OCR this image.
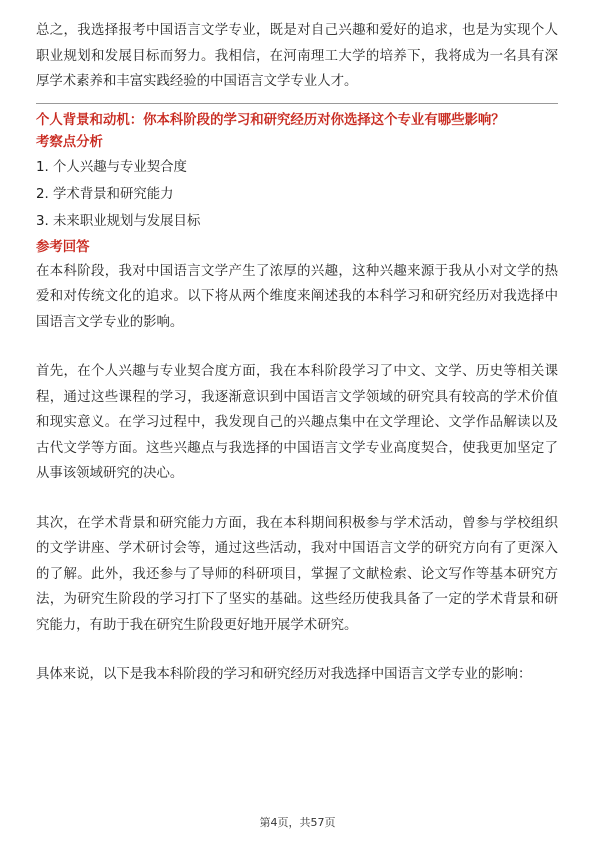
总之，我选择报考中国语言文学专业，既是对自己兴趣和爱好的追求，也是为实现个人职业规划和发展目标而努力。我相信，在河南理工大学的培养下，我将成为一名具有深厚学术素养和丰富实践经验的中国语言文学专业人才。

个人背景和动机：你本科阶段的学习和研究经历对你选择这个专业有哪些影响？

考察点分析

1. 个人兴趣与专业契合度
2. 学术背景和研究能力
3. 未来职业规划与发展目标

参考回答

在本科阶段，我对中国语言文学产生了浓厚的兴趣，这种兴趣来源于我从小对文学的热爱和对传统文化的追求。以下将从两个维度来阐述我的本科学习和研究经历对我选择中国语言文学专业的影响。

首先，在个人兴趣与专业契合度方面，我在本科阶段学习了中文、文学、历史等相关课程，通过这些课程的学习，我逐渐意识到中国语言文学领域的研究具有较高的学术价值和现实意义。在学习过程中，我发现自己的兴趣点集中在文学理论、文学作品解读以及古代文学等方面。这些兴趣点与我选择的中国语言文学专业高度契合，使我更加坚定了从事该领域研究的决心。

其次，在学术背景和研究能力方面，我在本科期间积极参与学术活动，曾参与学校组织的文学讲座、学术研讨会等，通过这些活动，我对中国语言文学的研究方向有了更深入的了解。此外，我还参与了导师的科研项目，掌握了文献检索、论文写作等基本研究方法，为研究生阶段的学习打下了坚实的基础。这些经历使我具备了一定的学术背景和研究能力，有助于我在研究生阶段更好地开展学术研究。

具体来说，以下是我本科阶段的学习和研究经历对我选择中国语言文学专业的影响：

第4页，共57页
